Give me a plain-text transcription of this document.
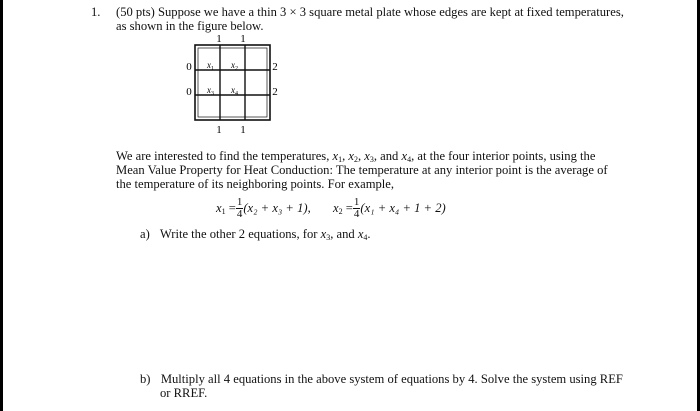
1. (50 pts) Suppose we have a thin 3 × 3 square metal plate whose edges are kept at fixed temperatures,
as shown in the figure below.
1 1
0
0
2
2
$x_1$ $x_2$
$x_3$ $x_4$
1 1
We are interested to find the temperatures, $x_1$, $x_2$, $x_3$, and $x_4$, at the four interior points, using the
Mean Value Property for Heat Conduction: The temperature at any interior point is the average of
the temperature of its neighboring points. For example,
$x_1 = \frac{1}{4} (x_2 + x_3 + 1)$, $x_2 = \frac{1}{4} (x_1 + x_4 + 1 + 2)$
a) Write the other 2 equations, for $x_3$, and $x_4$.
b) Multiply all 4 equations in the above system of equations by 4. Solve the system using REF
or RREF.
